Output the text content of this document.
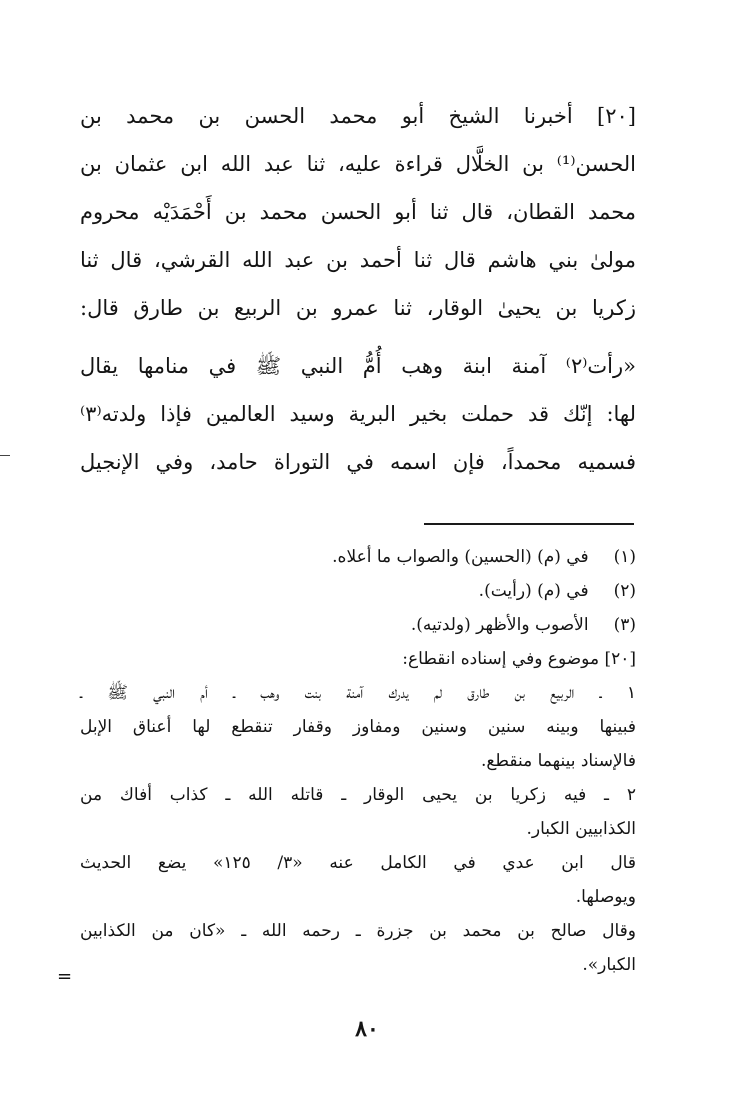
[٢٠] أخبرنا الشيخ أبو محمد الحسن بن محمد بن
الحسن⁽¹⁾ بن الخلَّال قراءة عليه، ثنا عبد الله ابن عثمان بن
محمد القطان، قال ثنا أبو الحسن محمد بن أَحْمَدَيْه محروم
مولىٰ بني هاشم قال ثنا أحمد بن عبد الله القرشي، قال ثنا
زكريا بن يحيىٰ الوقار، ثنا عمرو بن الربيع بن طارق قال:
«رأت⁽٢⁾ آمنة ابنة وهب أُمُّ النبي ﷺ في منامها يقال
لها: إنّك قد حملت بخير البرية وسيد العالمين فإذا ولدته⁽٣⁾
فسميه محمداً، فإن اسمه في التوراة حامد، وفي الإنجيل
(١) في (م) (الحسين) والصواب ما أعلاه.
(٢) في (م) (رأيت).
(٣) الأصوب والأظهر (ولدتيه).
[٢٠] موضوع وفي إسناده انقطاع:
١ ـ الربيع بن طارق لم يدرك آمنة بنت وهب ـ أم النبي ﷺ ـ
فبينها وبينه سنين وسنين ومفاوز وقفار تنقطع لها أعناق الإبل
فالإسناد بينهما منقطع.
٢ ـ فيه زكريا بن يحيى الوقار ـ قاتله الله ـ كذاب أفاك من
الكذابيين الكبار.
قال ابن عدي في الكامل عنه «٣/ ١٢٥» يضع الحديث
ويوصلها.
وقال صالح بن محمد بن جزرة ـ رحمه الله ـ «كان من الكذابين
الكبار».
=
٨٠
